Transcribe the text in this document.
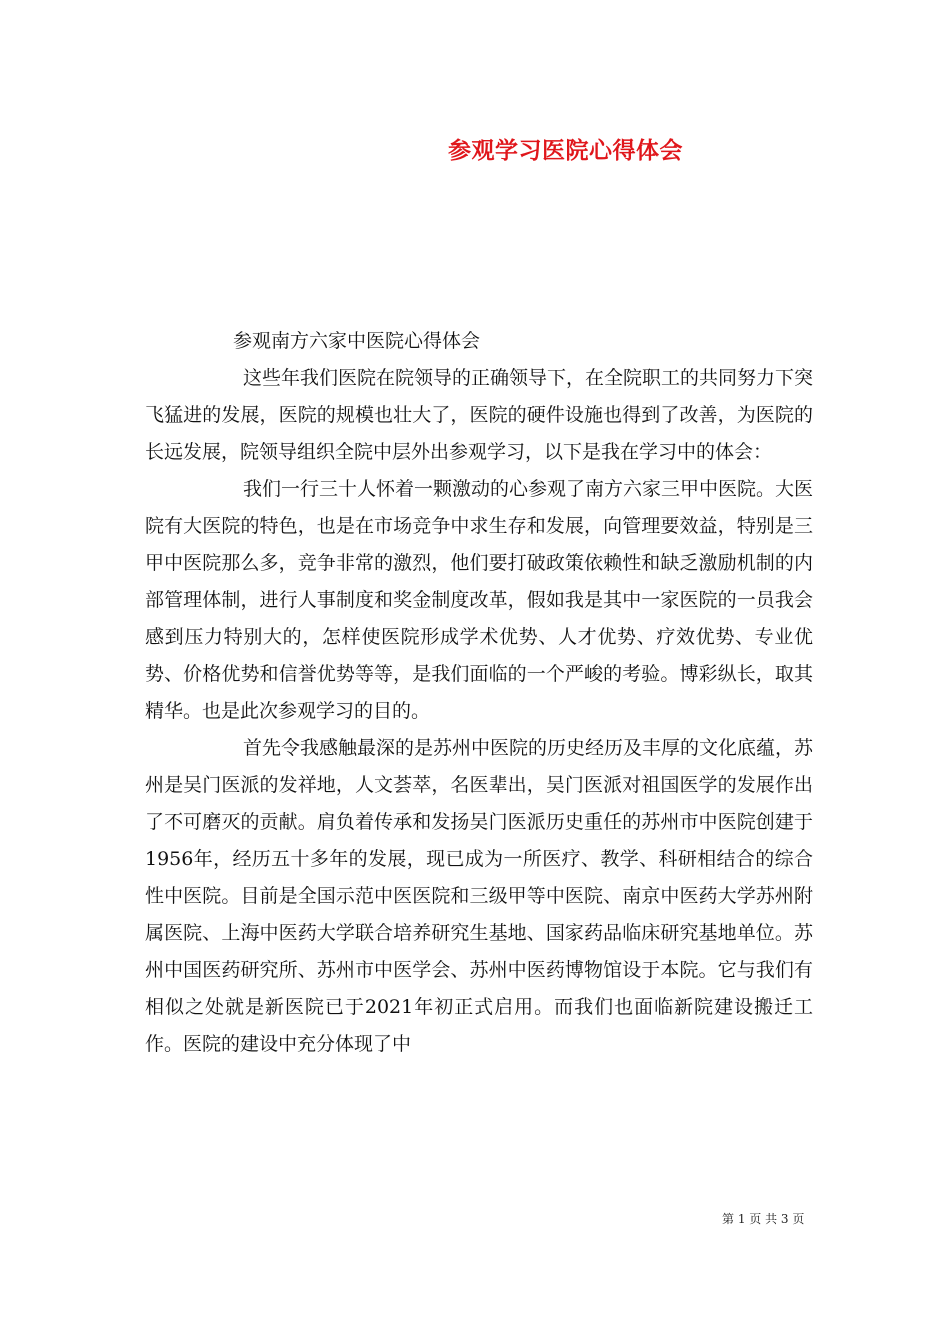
参观学习医院心得体会
参观南方六家中医院心得体会

这些年我们医院在院领导的正确领导下，在全院职工的共同努力下突飞猛进的发展，医院的规模也壮大了，医院的硬件设施也得到了改善，为医院的长远发展，院领导组织全院中层外出参观学习，以下是我在学习中的体会：

我们一行三十人怀着一颗激动的心参观了南方六家三甲中医院。大医院有大医院的特色，也是在市场竞争中求生存和发展，向管理要效益，特别是三甲中医院那么多，竞争非常的激烈，他们要打破政策依赖性和缺乏激励机制的内部管理体制，进行人事制度和奖金制度改革，假如我是其中一家医院的一员我会感到压力特别大的，怎样使医院形成学术优势、人才优势、疗效优势、专业优势、价格优势和信誉优势等等，是我们面临的一个严峻的考验。博彩纵长，取其精华。也是此次参观学习的目的。

首先令我感触最深的是苏州中医院的历史经历及丰厚的文化底蕴，苏州是吴门医派的发祥地，人文荟萃，名医辈出，吴门医派对祖国医学的发展作出了不可磨灭的贡献。肩负着传承和发扬吴门医派历史重任的苏州市中医院创建于1956年，经历五十多年的发展，现已成为一所医疗、教学、科研相结合的综合性中医院。目前是全国示范中医医院和三级甲等中医院、南京中医药大学苏州附属医院、上海中医药大学联合培养研究生基地、国家药品临床研究基地单位。苏州中国医药研究所、苏州市中医学会、苏州中医药博物馆设于本院。它与我们有相似之处就是新医院已于2021年初正式启用。而我们也面临新院建设搬迁工作。医院的建设中充分体现了中

第 1 页 共 3 页
